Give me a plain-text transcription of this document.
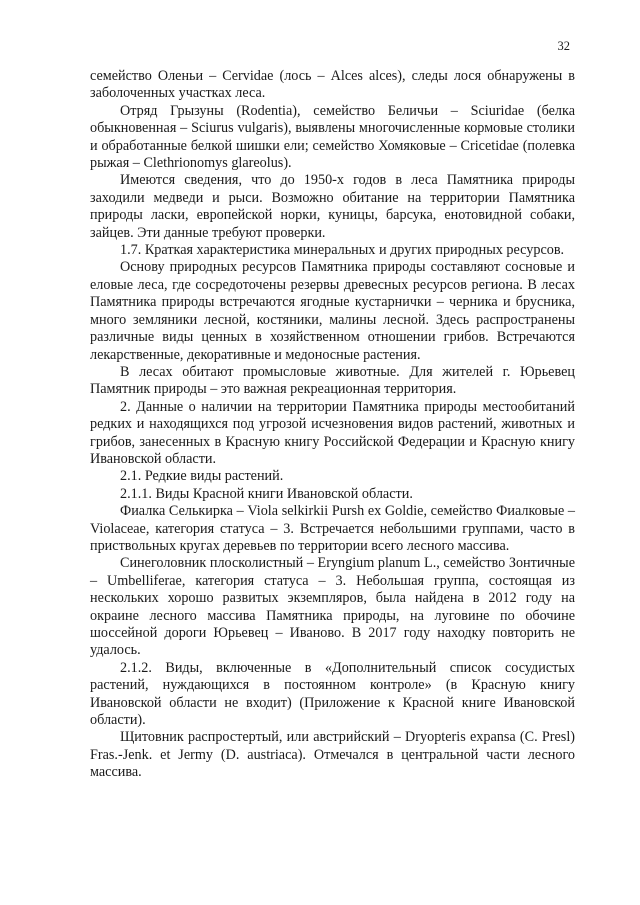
32

семейство Оленьи – Cervidae (лось – Alces alces), следы лося обнаружены в заболоченных участках леса.

Отряд Грызуны (Rodentia), семейство Беличьи – Sciuridae (белка обыкновенная – Sciurus vulgaris), выявлены многочисленные кормовые столики и обработанные белкой шишки ели; семейство Хомяковые – Cricetidae (полевка рыжая – Clethrionomys glareolus).

Имеются сведения, что до 1950-х годов в леса Памятника природы заходили медведи и рыси. Возможно обитание на территории Памятника природы ласки, европейской норки, куницы, барсука, енотовидной собаки, зайцев. Эти данные требуют проверки.

1.7. Краткая характеристика минеральных и других природных ресурсов.

Основу природных ресурсов Памятника природы составляют сосновые и еловые леса, где сосредоточены резервы древесных ресурсов региона. В лесах Памятника природы встречаются ягодные кустарнички – черника и брусника, много земляники лесной, костяники, малины лесной. Здесь распространены различные виды ценных в хозяйственном отношении грибов. Встречаются лекарственные, декоративные и медоносные растения.

В лесах обитают промысловые животные. Для жителей г. Юрьевец Памятник природы – это важная рекреационная территория.

2. Данные о наличии на территории Памятника природы местообитаний редких и находящихся под угрозой исчезновения видов растений, животных и грибов, занесенных в Красную книгу Российской Федерации и Красную книгу Ивановской области.

2.1. Редкие виды растений.

2.1.1. Виды Красной книги Ивановской области.

Фиалка Селькирка – Viola selkirkii Pursh ex Goldie, семейство Фиалковые – Violaceae, категория статуса – 3. Встречается небольшими группами, часто в приствольных кругах деревьев по территории всего лесного массива.

Синеголовник плосколистный – Eryngium planum L., семейство Зонтичные – Umbelliferae, категория статуса – 3. Небольшая группа, состоящая из нескольких хорошо развитых экземпляров, была найдена в 2012 году на окраине лесного массива Памятника природы, на луговине по обочине шоссейной дороги Юрьевец – Иваново. В 2017 году находку повторить не удалось.

2.1.2. Виды, включенные в «Дополнительный список сосудистых растений, нуждающихся в постоянном контроле» (в Красную книгу Ивановской области не входит) (Приложение к Красной книге Ивановской области).

Щитовник распростертый, или австрийский – Dryopteris expansa (C. Presl) Fras.-Jenk. et Jermy (D. austriaca). Отмечался в центральной части лесного массива.
